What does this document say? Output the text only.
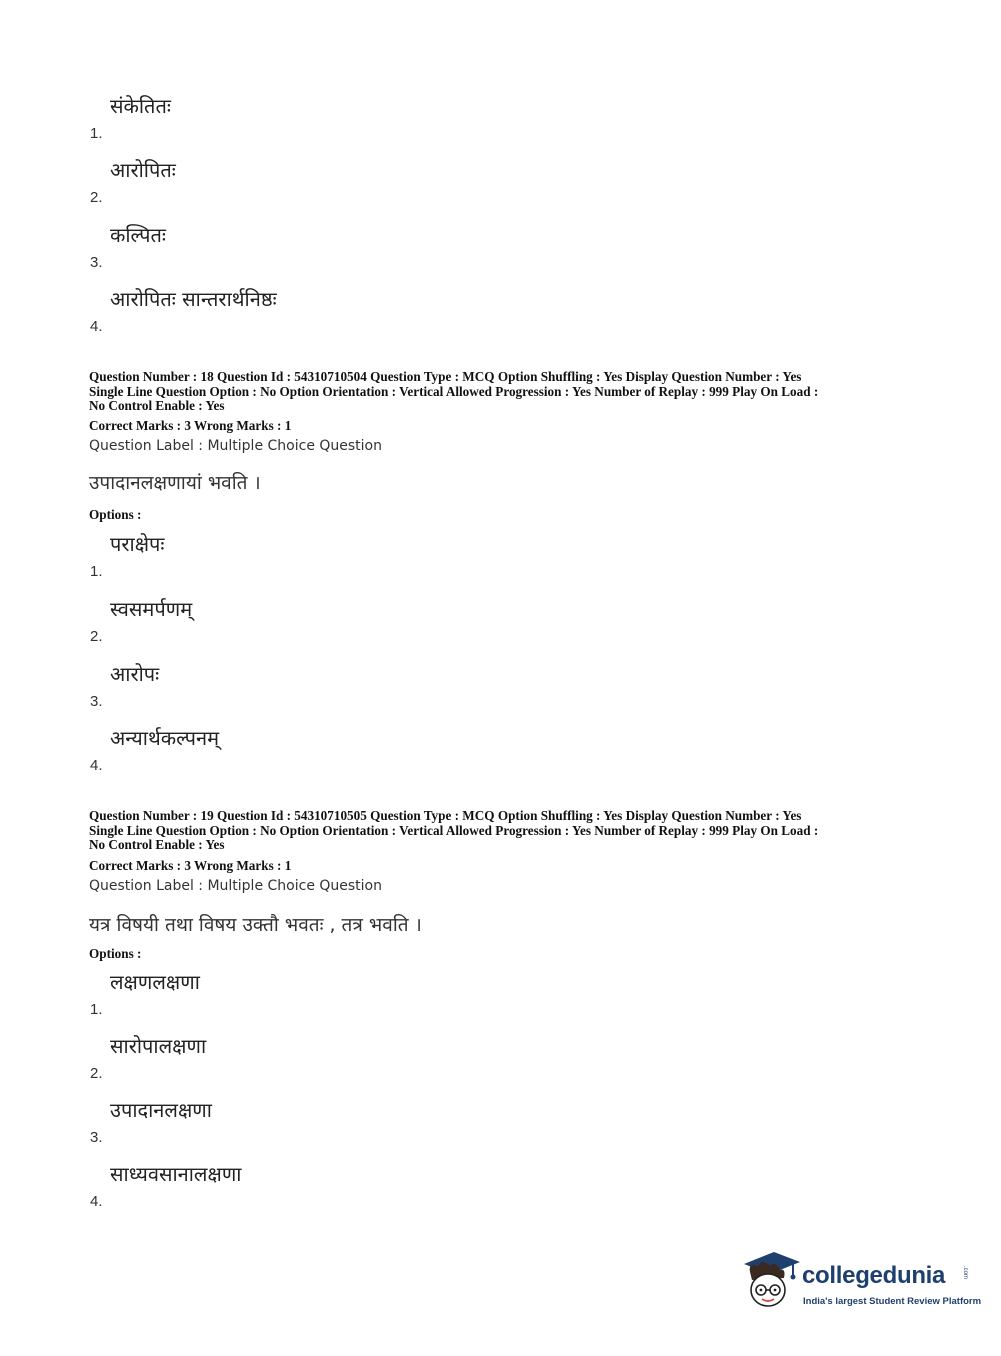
1.
संकेतितः
2.
आरोपितः
3.
कल्पितः
4.
आरोपितः सान्तरार्थनिष्ठः
Question Number : 18 Question Id : 54310710504 Question Type : MCQ Option Shuffling : Yes Display Question Number : Yes
Single Line Question Option : No Option Orientation : Vertical Allowed Progression : Yes Number of Replay : 999 Play On Load :
No Control Enable : Yes
Correct Marks : 3 Wrong Marks : 1
Question Label : Multiple Choice Question
उपादानलक्षणायां भवति ।
Options :
1.
पराक्षेपः
2.
स्वसमर्पणम्
3.
आरोपः
4.
अन्यार्थकल्पनम्
Question Number : 19 Question Id : 54310710505 Question Type : MCQ Option Shuffling : Yes Display Question Number : Yes
Single Line Question Option : No Option Orientation : Vertical Allowed Progression : Yes Number of Replay : 999 Play On Load :
No Control Enable : Yes
Correct Marks : 3 Wrong Marks : 1
Question Label : Multiple Choice Question
यत्र विषयी तथा विषय उक्तौ भवतः , तत्र भवति ।
Options :
1.
लक्षणलक्षणा
2.
सारोपालक्षणा
3.
उपादानलक्षणा
4.
साध्यवसानालक्षणा
collegedunia	.com
India's largest Student Review Platform
